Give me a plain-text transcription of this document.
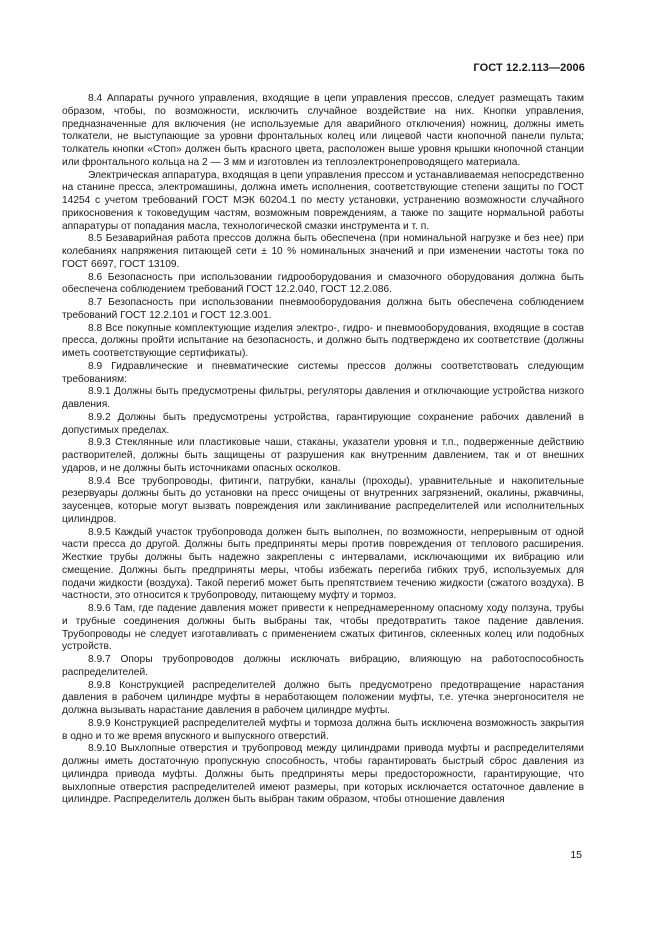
ГОСТ 12.2.113—2006

8.4 Аппараты ручного управления, входящие в цепи управления прессов, следует размещать таким образом, чтобы, по возможности, исключить случайное воздействие на них. Кнопки управления, предназначенные для включения (не используемые для аварийного отключения) ножниц, должны иметь толкатели, не выступающие за уровни фронтальных колец или лицевой части кнопочной панели пульта; толкатель кнопки «Стоп» должен быть красного цвета, расположен выше уровня крышки кнопочной станции или фронтального кольца на 2 — 3 мм и изготовлен из теплоэлектронепроводящего материала.

Электрическая аппаратура, входящая в цепи управления прессом и устанавливаемая непосредственно на станине пресса, электромашины, должна иметь исполнения, соответствующие степени защиты по ГОСТ 14254 с учетом требований ГОСТ МЭК 60204.1 по месту установки, устранению возможности случайного прикосновения к токоведущим частям, возможным повреждениям, а также по защите нормальной работы аппаратуры от попадания масла, технологической смазки инструмента и т. п.

8.5 Безаварийная работа прессов должна быть обеспечена (при номинальной нагрузке и без нее) при колебаниях напряжения питающей сети ± 10 % номинальных значений и при изменении частоты тока по ГОСТ 6697, ГОСТ 13109.

8.6 Безопасность при использовании гидрооборудования и смазочного оборудования должна быть обеспечена соблюдением требований ГОСТ 12.2.040, ГОСТ 12.2.086.

8.7 Безопасность при использовании пневмооборудования должна быть обеспечена соблюдением требований ГОСТ 12.2.101 и ГОСТ 12.3.001.

8.8 Все покупные комплектующие изделия электро-, гидро- и пневмооборудования, входящие в состав пресса, должны пройти испытание на безопасность, и должно быть подтверждено их соответствие (должны иметь соответствующие сертификаты).

8.9 Гидравлические и пневматические системы прессов должны соответствовать следующим требованиям:

8.9.1 Должны быть предусмотрены фильтры, регуляторы давления и отключающие устройства низкого давления.

8.9.2 Должны быть предусмотрены устройства, гарантирующие сохранение рабочих давлений в допустимых пределах.

8.9.3 Стеклянные или пластиковые чаши, стаканы, указатели уровня и т.п., подверженные действию растворителей, должны быть защищены от разрушения как внутренним давлением, так и от внешних ударов, и не должны быть источниками опасных осколков.

8.9.4 Все трубопроводы, фитинги, патрубки, каналы (проходы), уравнительные и накопительные резервуары должны быть до установки на пресс очищены от внутренних загрязнений, окалины, ржавчины, заусенцев, которые могут вызвать повреждения или заклинивание распределителей или исполнительных цилиндров.

8.9.5 Каждый участок трубопровода должен быть выполнен, по возможности, непрерывным от одной части пресса до другой. Должны быть предприняты меры против повреждения от теплового расширения. Жесткие трубы должны быть надежно закреплены с интервалами, исключающими их вибрацию или смещение. Должны быть предприняты меры, чтобы избежать перегиба гибких труб, используемых для подачи жидкости (воздуха). Такой перегиб может быть препятствием течению жидкости (сжатого воздуха). В частности, это относится к трубопроводу, питающему муфту и тормоз.

8.9.6 Там, где падение давления может привести к непреднамеренному опасному ходу ползуна, трубы и трубные соединения должны быть выбраны так, чтобы предотвратить такое падение давления. Трубопроводы не следует изготавливать с применением сжатых фитингов, склеенных колец или подобных устройств.

8.9.7 Опоры трубопроводов должны исключать вибрацию, влияющую на работоспособность распределителей.

8.9.8 Конструкцией распределителей должно быть предусмотрено предотвращение нарастания давления в рабочем цилиндре муфты в неработающем положении муфты, т.е. утечка энергоносителя не должна вызывать нарастание давления в рабочем цилиндре муфты.

8.9.9 Конструкцией распределителей муфты и тормоза должна быть исключена возможность закрытия в одно и то же время впускного и выпускного отверстий.

8.9.10 Выхлопные отверстия и трубопровод между цилиндрами привода муфты и распределителями должны иметь достаточную пропускную способность, чтобы гарантировать быстрый сброс давления из цилиндра привода муфты. Должны быть предприняты меры предосторожности, гарантирующие, что выхлопные отверстия распределителей имеют размеры, при которых исключается остаточное давление в цилиндре. Распределитель должен быть выбран таким образом, чтобы отношение давления

15
